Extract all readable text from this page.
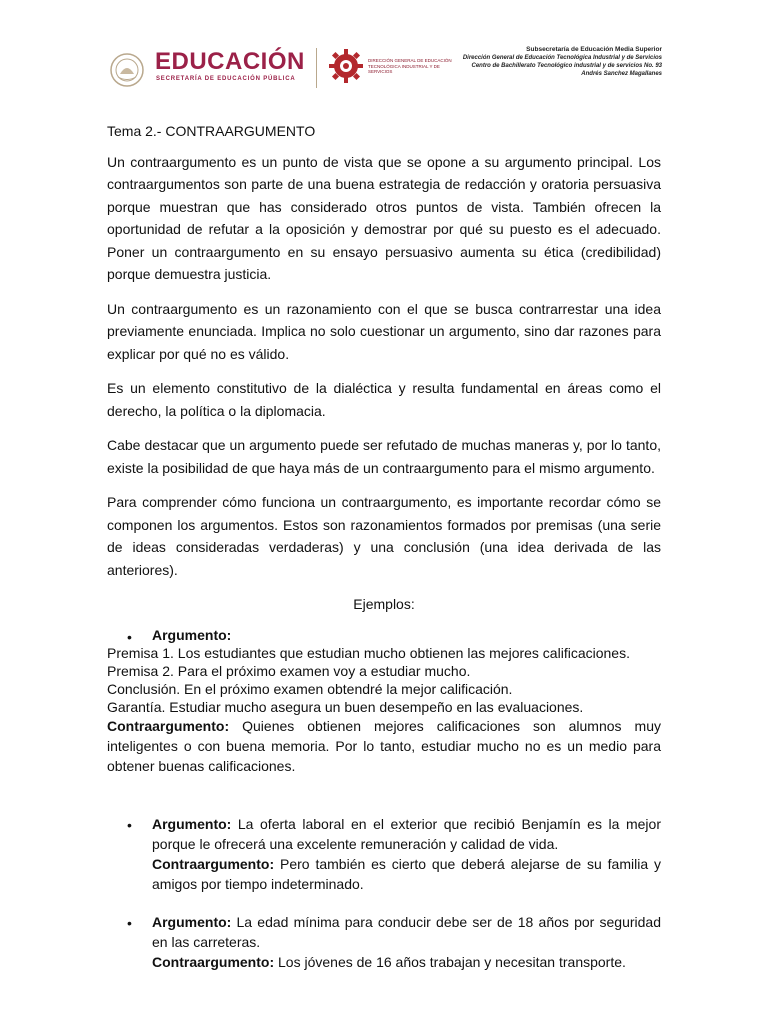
EDUCACIÓN
SECRETARÍA DE EDUCACIÓN PÚBLICA
DIRECCIÓN GENERAL DE EDUCACIÓN TECNOLÓGICA INDUSTRIAL Y DE SERVICIOS
Subsecretaría de Educación Media Superior
Dirección General de Educación Tecnológica Industrial y de Servicios
Centro de Bachillerato Tecnológico industrial y de servicios No. 93
Andrés Sanchez Magallanes

Tema 2.- CONTRAARGUMENTO

Un contraargumento es un punto de vista que se opone a su argumento principal. Los contraargumentos son parte de una buena estrategia de redacción y oratoria persuasiva porque muestran que has considerado otros puntos de vista. También ofrecen la oportunidad de refutar a la oposición y demostrar por qué su puesto es el adecuado. Poner un contraargumento en su ensayo persuasivo aumenta su ética (credibilidad) porque demuestra justicia.

Un contraargumento es un razonamiento con el que se busca contrarrestar una idea previamente enunciada. Implica no solo cuestionar un argumento, sino dar razones para explicar por qué no es válido.

Es un elemento constitutivo de la dialéctica y resulta fundamental en áreas como el derecho, la política o la diplomacia.

Cabe destacar que un argumento puede ser refutado de muchas maneras y, por lo tanto, existe la posibilidad de que haya más de un contraargumento para el mismo argumento.

Para comprender cómo funciona un contraargumento, es importante recordar cómo se componen los argumentos. Estos son razonamientos formados por premisas (una serie de ideas consideradas verdaderas) y una conclusión (una idea derivada de las anteriores).

Ejemplos:

•	Argumento:

Premisa 1. Los estudiantes que estudian mucho obtienen las mejores calificaciones.

Premisa 2. Para el próximo examen voy a estudiar mucho.

Conclusión. En el próximo examen obtendré la mejor calificación.

Garantía. Estudiar mucho asegura un buen desempeño en las evaluaciones.

Contraargumento: Quienes obtienen mejores calificaciones son alumnos muy inteligentes o con buena memoria. Por lo tanto, estudiar mucho no es un medio para obtener buenas calificaciones.

•	Argumento: La oferta laboral en el exterior que recibió Benjamín es la mejor porque le ofrecerá una excelente remuneración y calidad de vida.

Contraargumento: Pero también es cierto que deberá alejarse de su familia y amigos por tiempo indeterminado.

•	Argumento: La edad mínima para conducir debe ser de 18 años por seguridad en las carreteras.

Contraargumento: Los jóvenes de 16 años trabajan y necesitan transporte.
